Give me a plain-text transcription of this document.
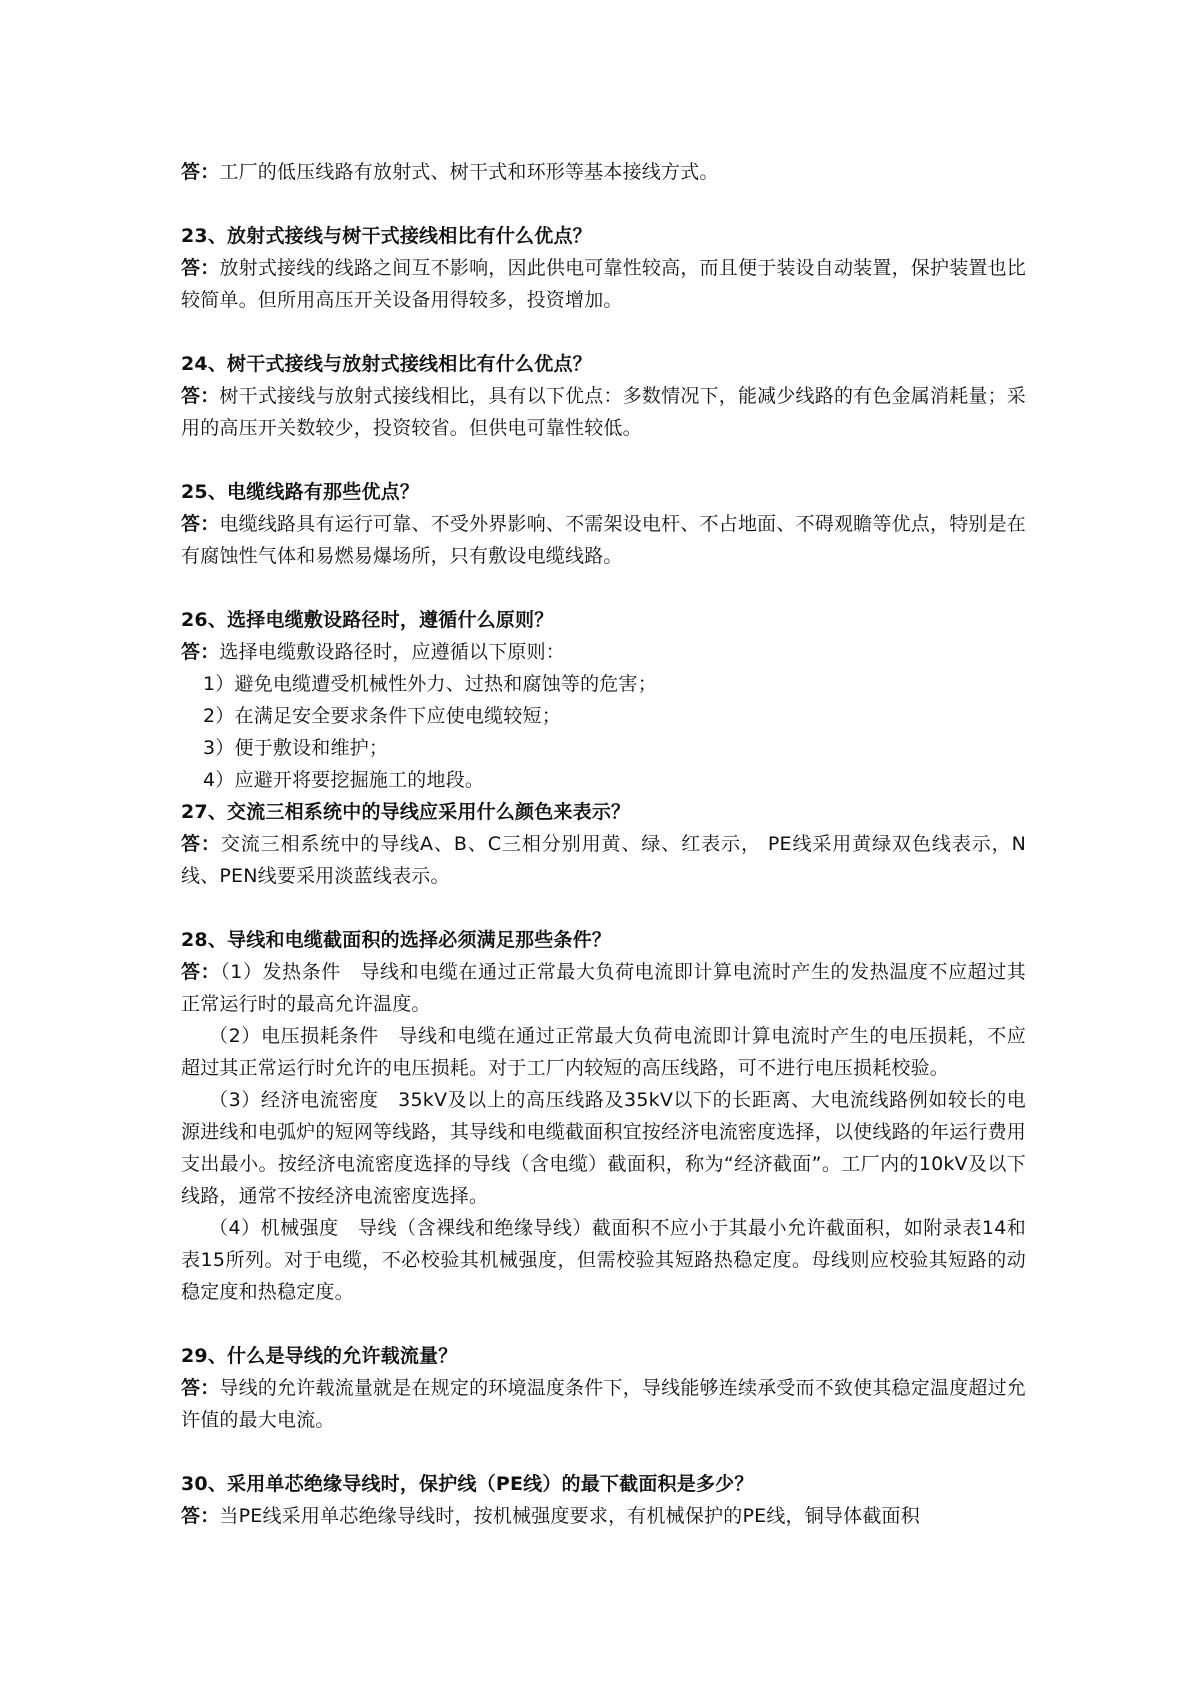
答：工厂的低压线路有放射式、树干式和环形等基本接线方式。

23、放射式接线与树干式接线相比有什么优点？

答：放射式接线的线路之间互不影响，因此供电可靠性较高，而且便于装设自动装置，保护装置也比较简单。但所用高压开关设备用得较多，投资增加。

24、树干式接线与放射式接线相比有什么优点？

答：树干式接线与放射式接线相比，具有以下优点：多数情况下，能减少线路的有色金属消耗量；采用的高压开关数较少，投资较省。但供电可靠性较低。

25、电缆线路有那些优点？

答：电缆线路具有运行可靠、不受外界影响、不需架设电杆、不占地面、不碍观瞻等优点，特别是在有腐蚀性气体和易燃易爆场所，只有敷设电缆线路。

26、选择电缆敷设路径时，遵循什么原则？

答：选择电缆敷设路径时，应遵循以下原则：

1）避免电缆遭受机械性外力、过热和腐蚀等的危害；

2）在满足安全要求条件下应使电缆较短；

3）便于敷设和维护；

4）应避开将要挖掘施工的地段。

27、交流三相系统中的导线应采用什么颜色来表示？

答：交流三相系统中的导线A、B、C三相分别用黄、绿、红表示， PE线采用黄绿双色线表示，N线、PEN线要采用淡蓝线表示。

28、导线和电缆截面积的选择必须满足那些条件？

答：（1）发热条件　导线和电缆在通过正常最大负荷电流即计算电流时产生的发热温度不应超过其正常运行时的最高允许温度。

（2）电压损耗条件　导线和电缆在通过正常最大负荷电流即计算电流时产生的电压损耗，不应超过其正常运行时允许的电压损耗。对于工厂内较短的高压线路，可不进行电压损耗校验。

（3）经济电流密度　35kV及以上的高压线路及35kV以下的长距离、大电流线路例如较长的电源进线和电弧炉的短网等线路，其导线和电缆截面积宜按经济电流密度选择，以使线路的年运行费用支出最小。按经济电流密度选择的导线（含电缆）截面积，称为“经济截面”。工厂内的10kV及以下线路，通常不按经济电流密度选择。

（4）机械强度　导线（含裸线和绝缘导线）截面积不应小于其最小允许截面积，如附录表14和表15所列。对于电缆，不必校验其机械强度，但需校验其短路热稳定度。母线则应校验其短路的动稳定度和热稳定度。

29、什么是导线的允许载流量？

答：导线的允许载流量就是在规定的环境温度条件下，导线能够连续承受而不致使其稳定温度超过允许值的最大电流。

30、采用单芯绝缘导线时，保护线（PE线）的最下截面积是多少？

答：当PE线采用单芯绝缘导线时，按机械强度要求，有机械保护的PE线，铜导体截面积
